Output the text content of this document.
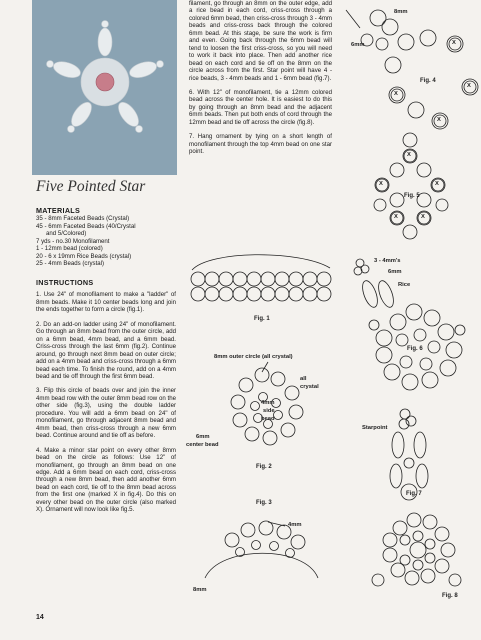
Five Pointed Star

MATERIALS

35 - 8mm Faceted Beads (Crystal)
45 - 6mm Faceted Beads (40/Crystal
and 5/Colored)
7 yds - no.30 Monofilament
1 - 12mm bead (colored)
20 - 6 x 19mm Rice Beads (crystal)
25 - 4mm Beads (crystal)

INSTRUCTIONS

1. Use 24" of monofilament to make a "ladder" of 8mm beads. Make it 10 center beads long and join the ends together to form a circle (fig.1).

2. Do an add-on ladder using 24" of monofilament. Go through an 8mm bead from the outer circle, add on a 6mm bead, 4mm bead, and a 6mm bead. Criss-cross through the last 6mm (fig.2). Continue around, go through next 8mm bead on outer circle; add on a 4mm bead and criss-cross through a 6mm bead each time. To finish the round, add on a 4mm bead and tie off through the first 6mm bead.

3. Flip this circle of beads over and join the inner 4mm bead row with the outer 8mm bead row on the other side (fig.3), using the double ladder procedure. You will add a 6mm bead on 24" of monofilament, go through adjacent 8mm bead and 4mm bead, then criss-cross through a new 6mm bead. Continue around and tie off as before.

4. Make a minor star point on every other 8mm bead on the circle as follows: Use 12" of monofilament, go through an 8mm bead on one edge. Add a 6mm bead on each cord, criss-cross through a new 8mm bead, then add another 6mm bead on each cord, tie off to the 8mm bead across from the first one (marked X in fig.4). Do this on every other bead on the outer circle (also marked X). Ornament will now look like fig.5.

14

filament, go through an 8mm on the outer edge, add a rice bead in each cord, criss-cross through a colored 6mm bead, then criss-cross through 3 - 4mm beads and criss-cross back through the colored 6mm bead. At this stage, be sure the work is firm and even. Going back through the 6mm bead will tend to loosen the first criss-cross, so you will need to work it back into place. Then add another rice bead on each cord and tie off on the 8mm on the circle across from the first. Star point will have 4 - rice beads, 3 - 4mm beads and 1 - 6mm bead (fig.7).

6. With 12" of monofilament, tie a 12mm colored bead across the center hole. It is easiest to do this by going through an 8mm bead and the adjacent 6mm beads. Then put both ends of cord through the 12mm bead and tie off across the circle (fig.8).

7. Hang ornament by tying on a short length of monofilament through the top 4mm bead on one star point.

X
X
X
X
X
X	X
X	X
Fig. 1
8mm outer circle (all crystal)
all
crystal
4mm
side
bead
6mm
center bead
Fig. 2
Fig. 3
4mm
8mm
8mm
6mm
Fig. 4
Fig. 5
3 - 4mm's
6mm
Rice
Fig. 6
Starpoint
Fig. 7
Fig. 8
